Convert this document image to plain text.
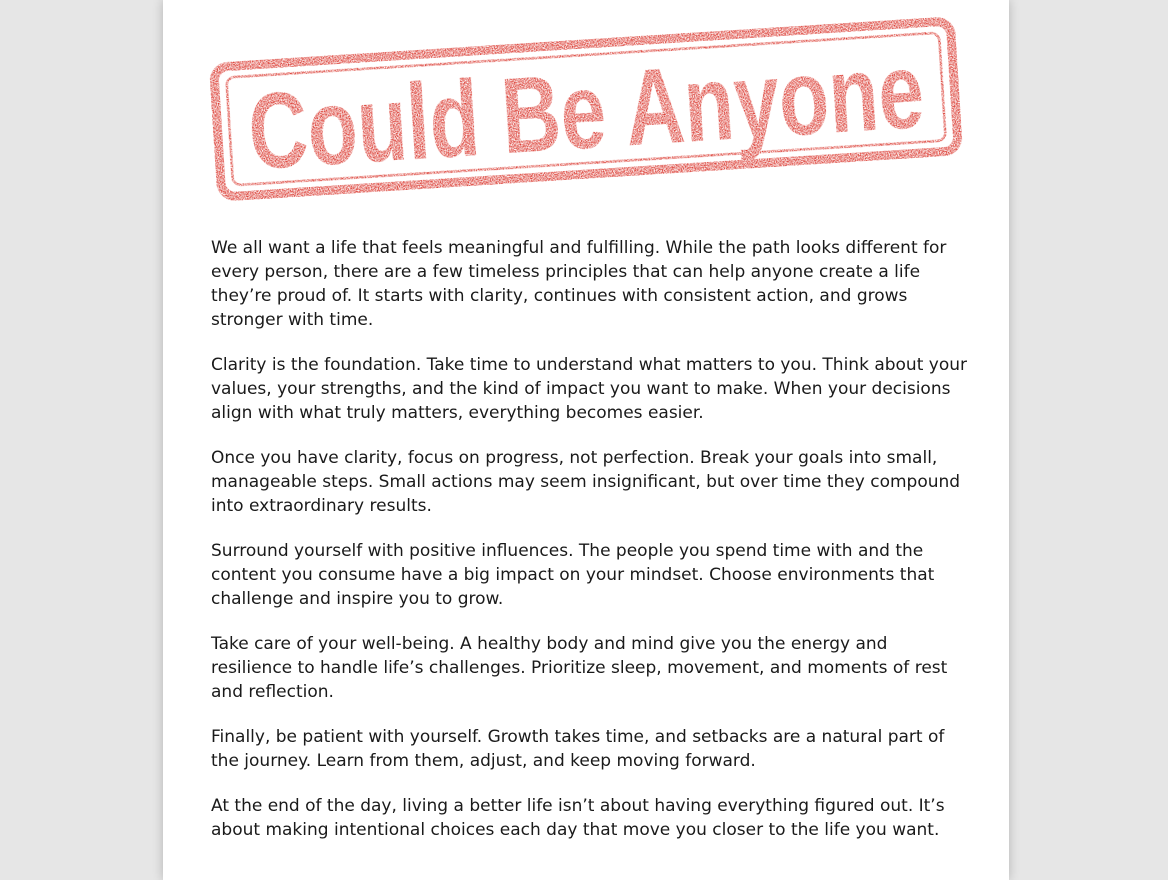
Could Be Anyone

We all want a life that feels meaningful and fulfilling. While the path looks different for every person, there are a few timeless principles that can help anyone create a life they’re proud of. It starts with clarity, continues with consistent action, and grows stronger with time.

Clarity is the foundation. Take time to understand what matters to you. Think about your values, your strengths, and the kind of impact you want to make. When your decisions align with what truly matters, everything becomes easier.

Once you have clarity, focus on progress, not perfection. Break your goals into small, manageable steps. Small actions may seem insignificant, but over time they compound into extraordinary results.

Surround yourself with positive influences. The people you spend time with and the content you consume have a big impact on your mindset. Choose environments that challenge and inspire you to grow.

Take care of your well-being. A healthy body and mind give you the energy and resilience to handle life’s challenges. Prioritize sleep, movement, and moments of rest and reflection.

Finally, be patient with yourself. Growth takes time, and setbacks are a natural part of the journey. Learn from them, adjust, and keep moving forward.

At the end of the day, living a better life isn’t about having everything figured out. It’s about making intentional choices each day that move you closer to the life you want.
